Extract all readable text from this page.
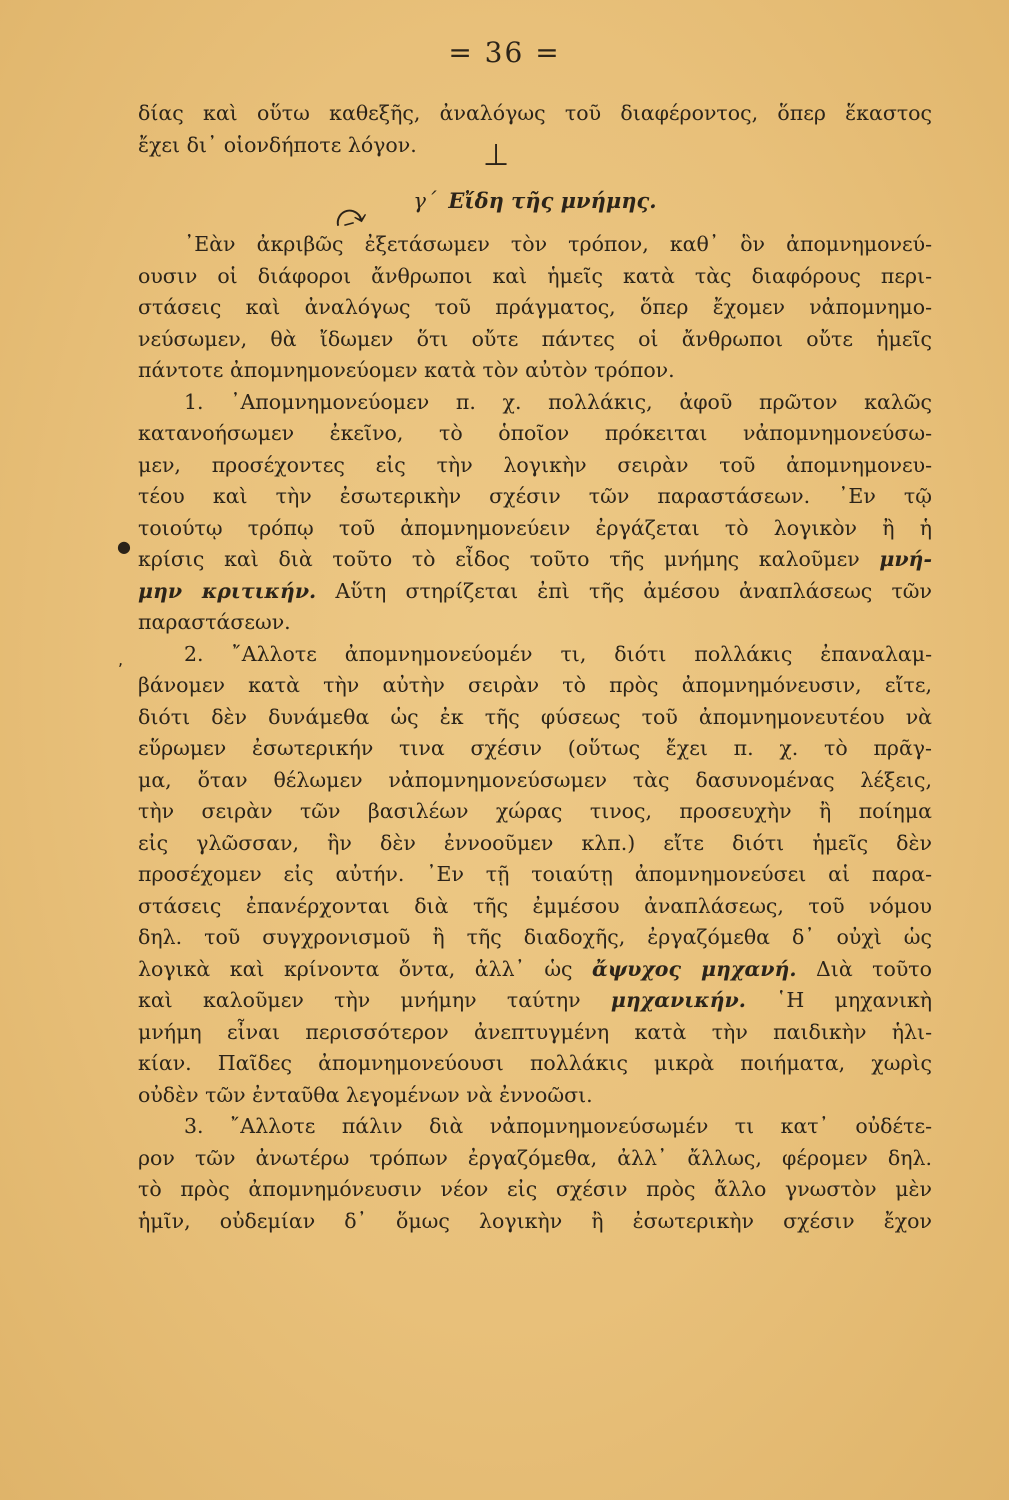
= 36 =
⊥
⤼
●
,
δίας καὶ οὕτω καθεξῆς, ἀναλόγως τοῦ διαφέροντος, ὅπερ ἕκαστος
ἔχει δι᾽ οἱονδήποτε λόγον.
γ΄ Εἴδη τῆς μνήμης.
᾽Εὰν ἀκριβῶς ἐξετάσωμεν τὸν τρόπον, καθ᾽ ὃν ἀπομνημονεύ-
ουσιν οἱ διάφοροι ἄνθρωποι καὶ ἡμεῖς κατὰ τὰς διαφόρους περι-
στάσεις καὶ ἀναλόγως τοῦ πράγματος, ὅπερ ἔχομεν νἀπομνημο-
νεύσωμεν, θὰ ἴδωμεν ὅτι οὔτε πάντες οἱ ἄνθρωποι οὔτε ἡμεῖς
πάντοτε ἀπομνημονεύομεν κατὰ τὸν αὐτὸν τρόπον.
1. ᾽Απομνημονεύομεν π. χ. πολλάκις, ἀφοῦ πρῶτον καλῶς
κατανοήσωμεν ἐκεῖνο, τὸ ὁποῖον πρόκειται νἀπομνημονεύσω-
μεν, προσέχοντες εἰς τὴν λογικὴν σειρὰν τοῦ ἀπομνημονευ-
τέου καὶ τὴν ἐσωτερικὴν σχέσιν τῶν παραστάσεων. ᾽Εν τῷ
τοιούτῳ τρόπῳ τοῦ ἀπομνημονεύειν ἐργάζεται τὸ λογικὸν ἢ ἡ
κρίσις καὶ διὰ τοῦτο τὸ εἶδος τοῦτο τῆς μνήμης καλοῦμεν μνή-
μην κριτικήν. Αὕτη στηρίζεται ἐπὶ τῆς ἀμέσου ἀναπλάσεως τῶν
παραστάσεων.
2. ῎Αλλοτε ἀπομνημονεύομέν τι, διότι πολλάκις ἐπαναλαμ-
βάνομεν κατὰ τὴν αὐτὴν σειρὰν τὸ πρὸς ἀπομνημόνευσιν, εἴτε,
διότι δὲν δυνάμεθα ὡς ἐκ τῆς φύσεως τοῦ ἀπομνημονευτέου νὰ
εὕρωμεν ἐσωτερικήν τινα σχέσιν (οὕτως ἔχει π. χ. τὸ πρᾶγ-
μα, ὅταν θέλωμεν νἀπομνημονεύσωμεν τὰς δασυνομένας λέξεις,
τὴν σειρὰν τῶν βασιλέων χώρας τινος, προσευχὴν ἢ ποίημα
εἰς γλῶσσαν, ἣν δὲν ἐννοοῦμεν κλπ.) εἴτε διότι ἡμεῖς δὲν
προσέχομεν εἰς αὐτήν. ᾽Εν τῇ τοιαύτῃ ἀπομνημονεύσει αἱ παρα-
στάσεις ἐπανέρχονται διὰ τῆς ἐμμέσου ἀναπλάσεως, τοῦ νόμου
δηλ. τοῦ συγχρονισμοῦ ἢ τῆς διαδοχῆς, ἐργαζόμεθα δ᾽ οὐχὶ ὡς
λογικὰ καὶ κρίνοντα ὄντα, ἀλλ᾽ ὡς ἄψυχος μηχανή. Διὰ τοῦτο
καὶ καλοῦμεν τὴν μνήμην ταύτην μηχανικήν. ῾Η μηχανικὴ
μνήμη εἶναι περισσότερον ἀνεπτυγμένη κατὰ τὴν παιδικὴν ἡλι-
κίαν. Παῖδες ἀπομνημονεύουσι πολλάκις μικρὰ ποιήματα, χωρὶς
οὐδὲν τῶν ἐνταῦθα λεγομένων νὰ ἐννοῶσι.
3. ῎Αλλοτε πάλιν διὰ νἀπομνημονεύσωμέν τι κατ᾽ οὐδέτε-
ρον τῶν ἀνωτέρω τρόπων ἐργαζόμεθα, ἀλλ᾽ ἄλλως, φέρομεν δηλ.
τὸ πρὸς ἀπομνημόνευσιν νέον εἰς σχέσιν πρὸς ἄλλο γνωστὸν μὲν
ἡμῖν, οὐδεμίαν δ᾽ ὅμως λογικὴν ἢ ἐσωτερικὴν σχέσιν ἔχον
